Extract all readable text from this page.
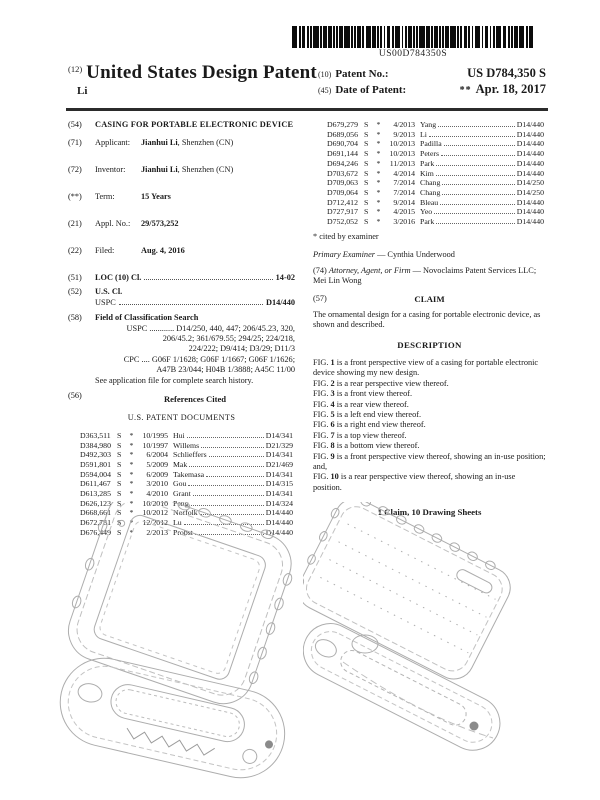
US00D784350S
$^{(12)}$ United States Design Patent
Li
(10) Patent No.:	US D784,350 S
(45) Date of Patent:	** Apr. 18, 2017
(54)	CASING FOR PORTABLE ELECTRONIC DEVICE
(71)	Applicant:	Jianhui Li, Shenzhen (CN)
(72)	Inventor:	Jianhui Li, Shenzhen (CN)
(**)	Term:	15 Years
(21)	Appl. No.:	29/573,252
(22)	Filed:	Aug. 4, 2016
(51)	LOC (10) Cl.	14-02
(52)	U.S. Cl.
USPC	D14/440
(58)	Field of Classification Search
USPC ............ D14/250, 440, 447; 206/45.23, 320,
206/45.2; 361/679.55; 294/25; 224/218,
224/222; D9/414; D3/29; D11/3
CPC .... G06F 1/1628; G06F 1/1667; G06F 1/1626;
A47B 23/044; H04B 1/3888; A45C 11/00
See application file for complete search history.
(56)	References Cited
U.S. PATENT DOCUMENTS
D363,511 S	*	10/1995 Hui	D14/341
D384,980 S	*	10/1997 Willems	D21/329
D492,303 S	*	6/2004 Schlieffers	D14/341
D591,801 S	*	5/2009 Mak	D21/469
D594,004 S	*	6/2009 Takemasa	D14/341
D611,467 S	*	3/2010 Gou	D14/315
D613,285 S	*	4/2010 Grant	D14/341
D626,123 S	*	10/2010 Peng	D14/324
D668,661 S	*	10/2012 Norfolk	D14/440
D672,781 S	*	12/2012 Lu	D14/440
D676,449 S	*	2/2013 Probst	D14/440
D679,279 S	*	4/2013 Yang	D14/440
D689,056 S	*	9/2013 Li	D14/440
D690,704 S	*	10/2013 Padilla	D14/440
D691,144 S	*	10/2013 Peters	D14/440
D694,246 S	*	11/2013 Park	D14/440
D703,672 S	*	4/2014 Kim	D14/440
D709,063 S	*	7/2014 Chang	D14/250
D709,064 S	*	7/2014 Chang	D14/250
D712,412 S	*	9/2014 Bleau	D14/440
D727,917 S	*	4/2015 Yeo	D14/440
D752,052 S	*	3/2016 Park	D14/440
* cited by examiner
Primary Examiner — Cynthia Underwood
(74) Attorney, Agent, or Firm — Novoclaims Patent Services LLC; Mei Lin Wong
(57)	CLAIM

The ornamental design for a casing for portable electronic device, as shown and described.

DESCRIPTION
FIG. 1 is a front perspective view of a casing for portable electronic device showing my new design.
FIG. 2 is a rear perspective view thereof.
FIG. 3 is a front view thereof.
FIG. 4 is a rear view thereof.
FIG. 5 is a left end view thereof.
FIG. 6 is a right end view thereof.
FIG. 7 is a top view thereof.
FIG. 8 is a bottom view thereof.
FIG. 9 is a front perspective view thereof, showing an in-use position; and,
FIG. 10 is a rear perspective view thereof, showing an in-use position.
1 Claim, 10 Drawing Sheets
